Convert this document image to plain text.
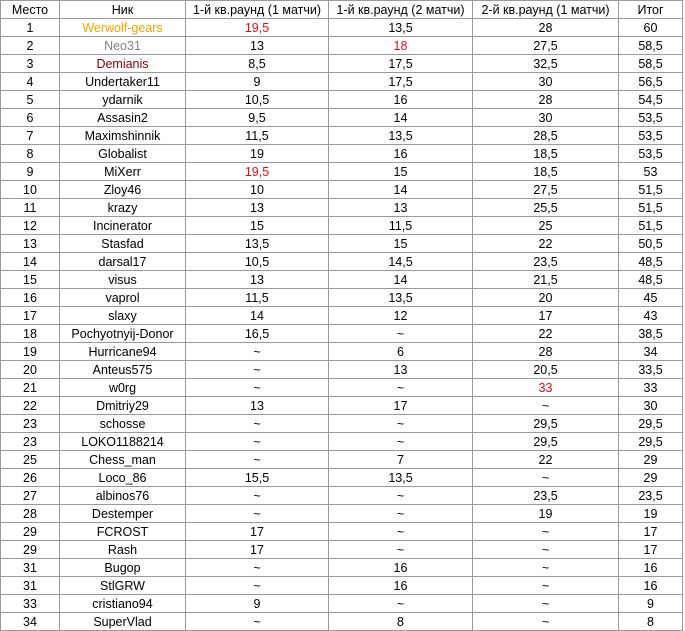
Место	Ник	1-й кв.раунд (1 матчи)	1-й кв.раунд (2 матчи)	2-й кв.раунд (1 матчи)	Итог
1	Werwolf-gears	19,5	13,5	28	60
2	Neo31	13	18	27,5	58,5
3	Demianis	8,5	17,5	32,5	58,5
4	Undertaker11	9	17,5	30	56,5
5	ydarnik	10,5	16	28	54,5
6	Assasin2	9,5	14	30	53,5
7	Maximshinnik	11,5	13,5	28,5	53,5
8	Globalist	19	16	18,5	53,5
9	MiXerr	19,5	15	18,5	53
10	Zloy46	10	14	27,5	51,5
11	krazy	13	13	25,5	51,5
12	Incinerator	15	11,5	25	51,5
13	Stasfad	13,5	15	22	50,5
14	darsal17	10,5	14,5	23,5	48,5
15	visus	13	14	21,5	48,5
16	vaprol	11,5	13,5	20	45
17	slaxy	14	12	17	43
18	Pochyotnyij-Donor	16,5	~	22	38,5
19	Hurricane94	~	6	28	34
20	Anteus575	~	13	20,5	33,5
21	w0rg	~	~	33	33
22	Dmitriy29	13	17	~	30
23	schosse	~	~	29,5	29,5
23	LOKO1188214	~	~	29,5	29,5
25	Chess_man	~	7	22	29
26	Loco_86	15,5	13,5	~	29
27	albinos76	~	~	23,5	23,5
28	Destemper	~	~	19	19
29	FCROST	17	~	~	17
29	Rash	17	~	~	17
31	Bugop	~	16	~	16
31	StlGRW	~	16	~	16
33	cristiano94	9	~	~	9
34	SuperVlad	~	8	~	8
